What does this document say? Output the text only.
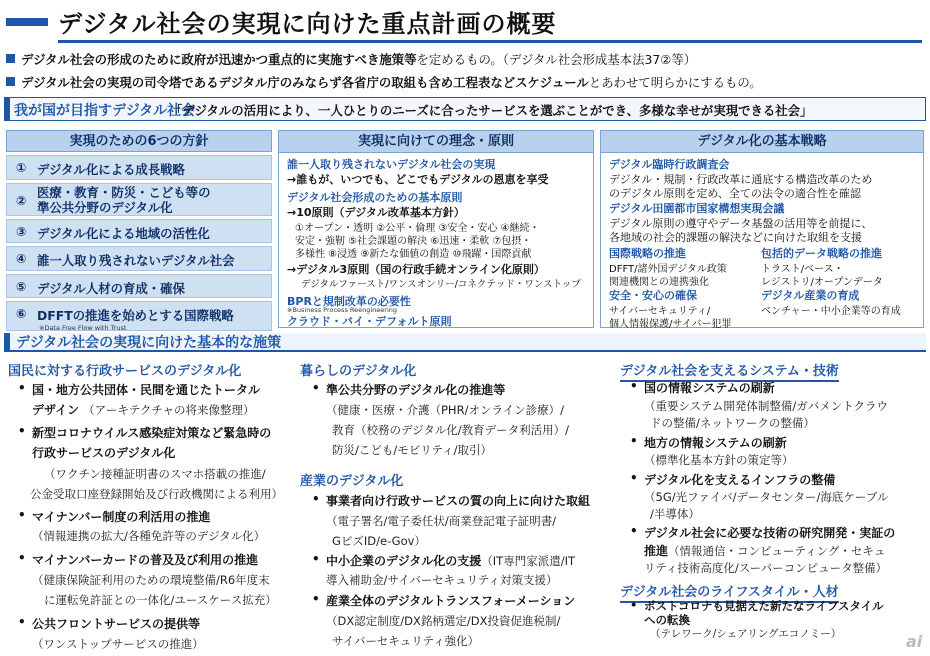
デジタル社会の実現に向けた重点計画の概要
デジタル社会の形成のために政府が迅速かつ重点的に実施すべき施策等を定めるもの。（デジタル社会形成基本法37②等）
デジタル社会の実現の司令塔であるデジタル庁のみならず各省庁の取組も含め工程表などスケジュールとあわせて明らかにするもの。
我が国が目指すデジタル社会
「デジタルの活用により、一人ひとりのニーズに合ったサービスを選ぶことができ、多様な幸せが実現できる社会」
実現のための6つの方針
① デジタル化による成長戦略
②
医療・教育・防災・こども等の
準公共分野のデジタル化
③ デジタル化による地域の活性化
④ 誰一人取り残されないデジタル社会
⑤ デジタル人材の育成・確保
⑥ DFFTの推進を始めとする国際戦略
※Data Free Flow with Trust
実現に向けての理念・原則
誰一人取り残されないデジタル社会の実現
→誰もが、いつでも、どこでもデジタルの恩恵を享受
デジタル社会形成のための基本原則
→10原則（デジタル改革基本方針）
①オープン・透明 ②公平・倫理 ③安全・安心 ④継続・
安定・強靭 ⑤社会課題の解決 ⑥迅速・柔軟 ⑦包摂・
多様性 ⑧浸透 ⑨新たな価値の創造 ⑩飛躍・国際貢献
→デジタル3原則（国の行政手続オンライン化原則）
デジタルファースト/ワンスオンリー/コネクテッド・ワンストップ
BPRと規制改革の必要性
※Business Process Reengineering
クラウド・バイ・デフォルト原則
デジタル化の基本戦略
デジタル臨時行政調査会
デジタル・規制・行政改革に通底する構造改革のため
のデジタル原則を定め、全ての法令の適合性を確認
デジタル田園都市国家構想実現会議
デジタル原則の遵守やデータ基盤の活用等を前提に、
各地域の社会的課題の解決などに向けた取組を支援
国際戦略の推進
DFFT/諸外国デジタル政策
関連機関との連携強化
安全・安心の確保
サイバーセキュリティ/
個人情報保護/サイバー犯罪
包括的データ戦略の推進
トラスト/ベース・
レジストリ/オープンデータ
デジタル産業の育成
ベンチャー・中小企業等の育成
デジタル社会の実現に向けた基本的な施策
国民に対する行政サービスのデジタル化
• 国・地方公共団体・民間を通じたトータル
デザイン （アーキテクチャの将来像整理）
• 新型コロナウイルス感染症対策など緊急時の
行政サービスのデジタル化
（ワクチン接種証明書のスマホ搭載の推進/
公金受取口座登録開始及び行政機関による利用）
• マイナンバー制度の利活用の推進
（情報連携の拡大/各種免許等のデジタル化）
• マイナンバーカードの普及及び利用の推進
（健康保険証利用のための環境整備/R6年度末
に運転免許証との一体化/ユースケース拡充）
• 公共フロントサービスの提供等
（ワンストップサービスの推進）
暮らしのデジタル化
• 準公共分野のデジタル化の推進等
（健康・医療・介護（PHR/オンライン診療）/
教育（校務のデジタル化/教育データ利活用）/
防災/こども/モビリティ/取引）
産業のデジタル化
• 事業者向け行政サービスの質の向上に向けた取組
（電子署名/電子委任状/商業登記電子証明書/
GビズID/e-Gov）
• 中小企業のデジタル化の支援（IT専門家派遣/IT
導入補助金/サイバーセキュリティ対策支援）
• 産業全体のデジタルトランスフォーメーション
（DX認定制度/DX銘柄選定/DX投資促進税制/
サイバーセキュリティ強化）
デジタル社会を支えるシステム・技術
• 国の情報システムの刷新
（重要システム開発体制整備/ガバメントクラウ
ドの整備/ネットワークの整備）
• 地方の情報システムの刷新
（標準化基本方針の策定等）
• デジタル化を支えるインフラの整備
（5G/光ファイバ/データセンター/海底ケーブル
/半導体）
• デジタル社会に必要な技術の研究開発・実証の
推進（情報通信・コンピューティング・セキュ
リティ技術高度化/スーパーコンピュータ整備）
デジタル社会のライフスタイル・人材
• ポストコロナも見据えた新たなライフスタイル
への転換
（テレワーク/シェアリングエコノミー）	ai
